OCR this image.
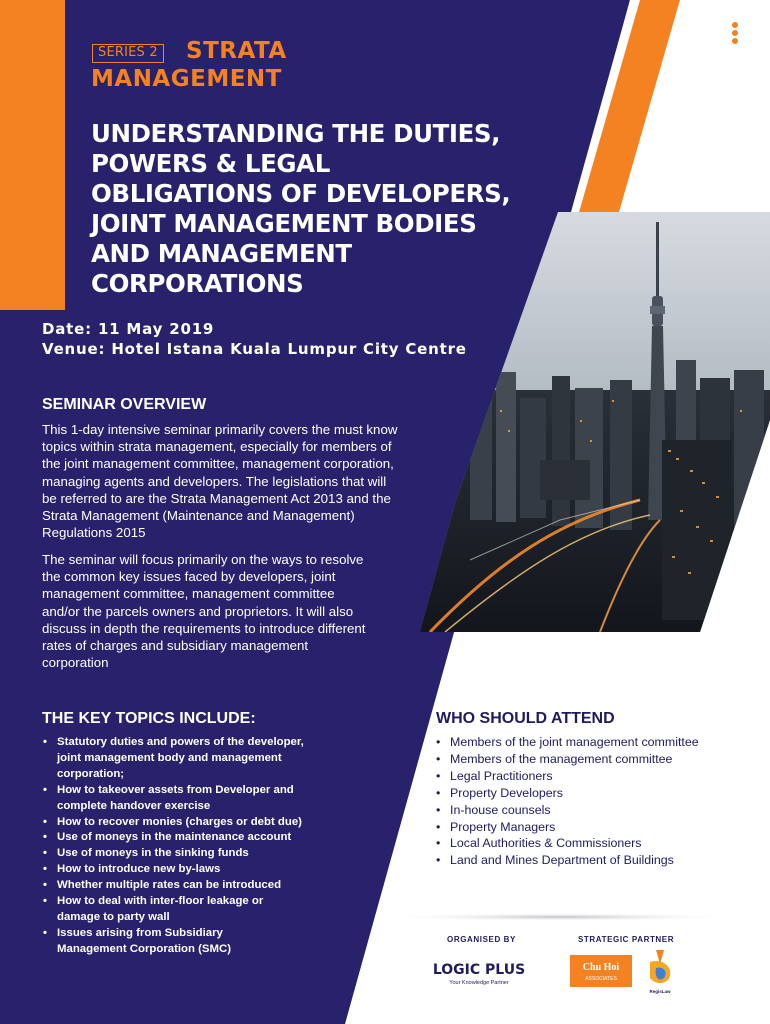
SERIES 2 STRATA
MANAGEMENT
UNDERSTANDING THE DUTIES,
POWERS & LEGAL
OBLIGATIONS OF DEVELOPERS,
JOINT MANAGEMENT BODIES
AND MANAGEMENT
CORPORATIONS
Date: 11 May 2019
Venue: Hotel Istana Kuala Lumpur City Centre
SEMINAR OVERVIEW
This 1-day intensive seminar primarily covers the must know
topics within strata management, especially for members of
the joint management committee, management corporation,
managing agents and developers. The legislations that will
be referred to are the Strata Management Act 2013 and the
Strata Management (Maintenance and Management)
Regulations 2015
The seminar will focus primarily on the ways to resolve
the common key issues faced by developers, joint
management committee, management committee
and/or the parcels owners and proprietors. It will also
discuss in depth the requirements to introduce different
rates of charges and subsidiary management
corporation
THE KEY TOPICS INCLUDE:
• Statutory duties and powers of the developer,
joint management body and management
corporation;
• How to takeover assets from Developer and
complete handover exercise
• How to recover monies (charges or debt due)
• Use of moneys in the maintenance account
• Use of moneys in the sinking funds
• How to introduce new by-laws
• Whether multiple rates can be introduced
• How to deal with inter-floor leakage or
damage to party wall
• Issues arising from Subsidiary
Management Corporation (SMC)
WHO SHOULD ATTEND
• Members of the joint management committee
• Members of the management committee
• Legal Practitioners
• Property Developers
• In-house counsels
• Property Managers
• Local Authorities & Commissioners
• Land and Mines Department of Buildings
ORGANISED BY	STRATEGIC PARTNER
LOGIC PLUS
Your Knowledge Partner
Chu Hoi
ASSOCIATES
RegisLaw
